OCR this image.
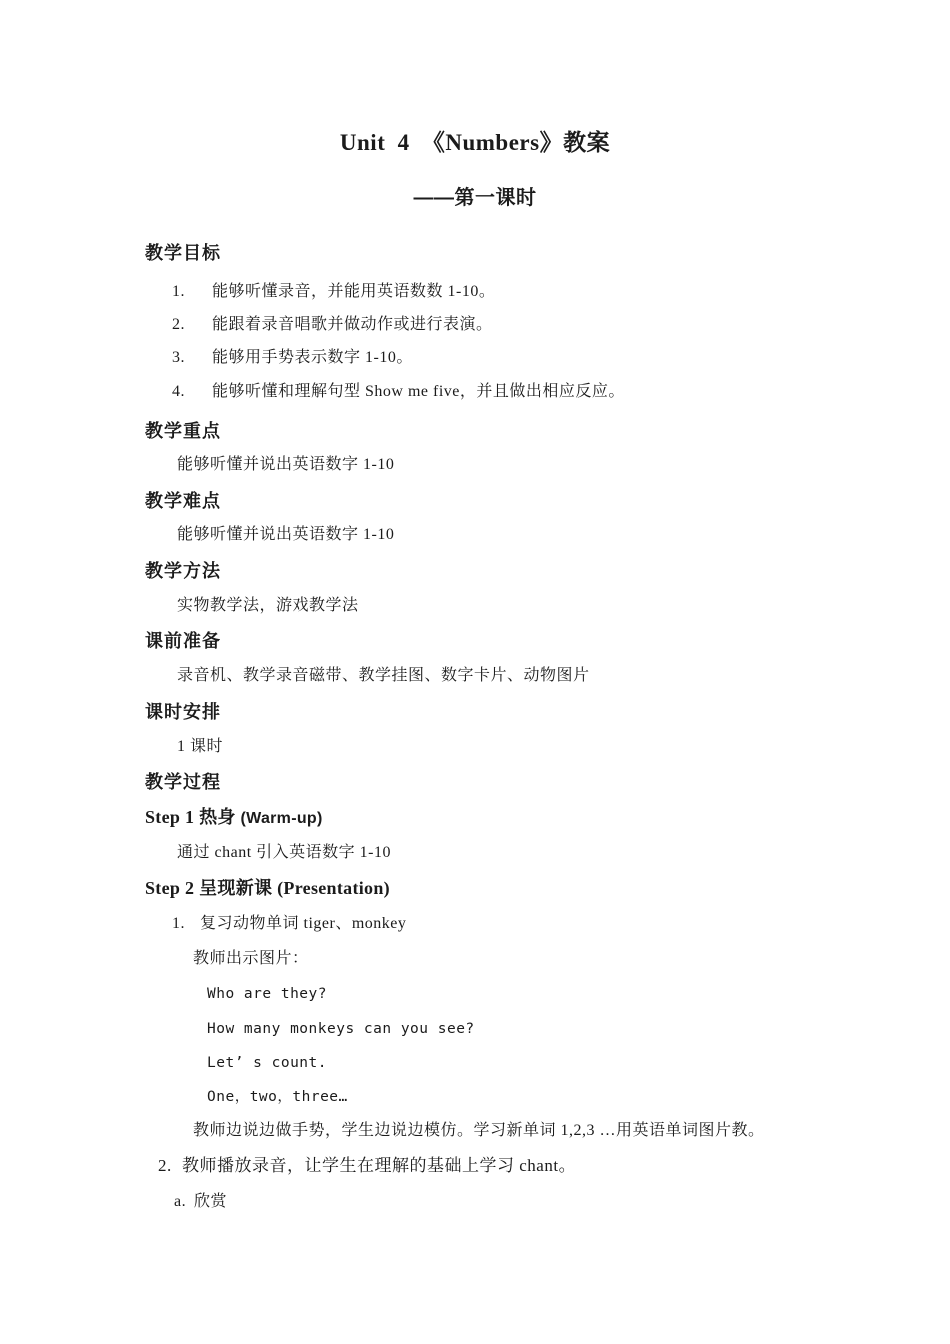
Unit 4 《Numbers》教案
——第一课时
教学目标
1. 能够听懂录音，并能用英语数数 1-10。
2. 能跟着录音唱歌并做动作或进行表演。
3. 能够用手势表示数字 1-10。
4. 能够听懂和理解句型 Show me five，并且做出相应反应。
教学重点
能够听懂并说出英语数字 1-10
教学难点
能够听懂并说出英语数字 1-10
教学方法
实物教学法，游戏教学法
课前准备
录音机、教学录音磁带、教学挂图、数字卡片、动物图片
课时安排
1 课时
教学过程
Step 1 热身 (Warm-up)
通过 chant 引入英语数字 1-10
Step 2 呈现新课 (Presentation)
1. 复习动物单词 tiger、monkey
教师出示图片：
Who are they?
How many monkeys can you see?
Let’ s count.
One，two，three…
教师边说边做手势，学生边说边模仿。学习新单词 1,2,3 …用英语单词图片教。
2. 教师播放录音，让学生在理解的基础上学习 chant。
a. 欣赏
